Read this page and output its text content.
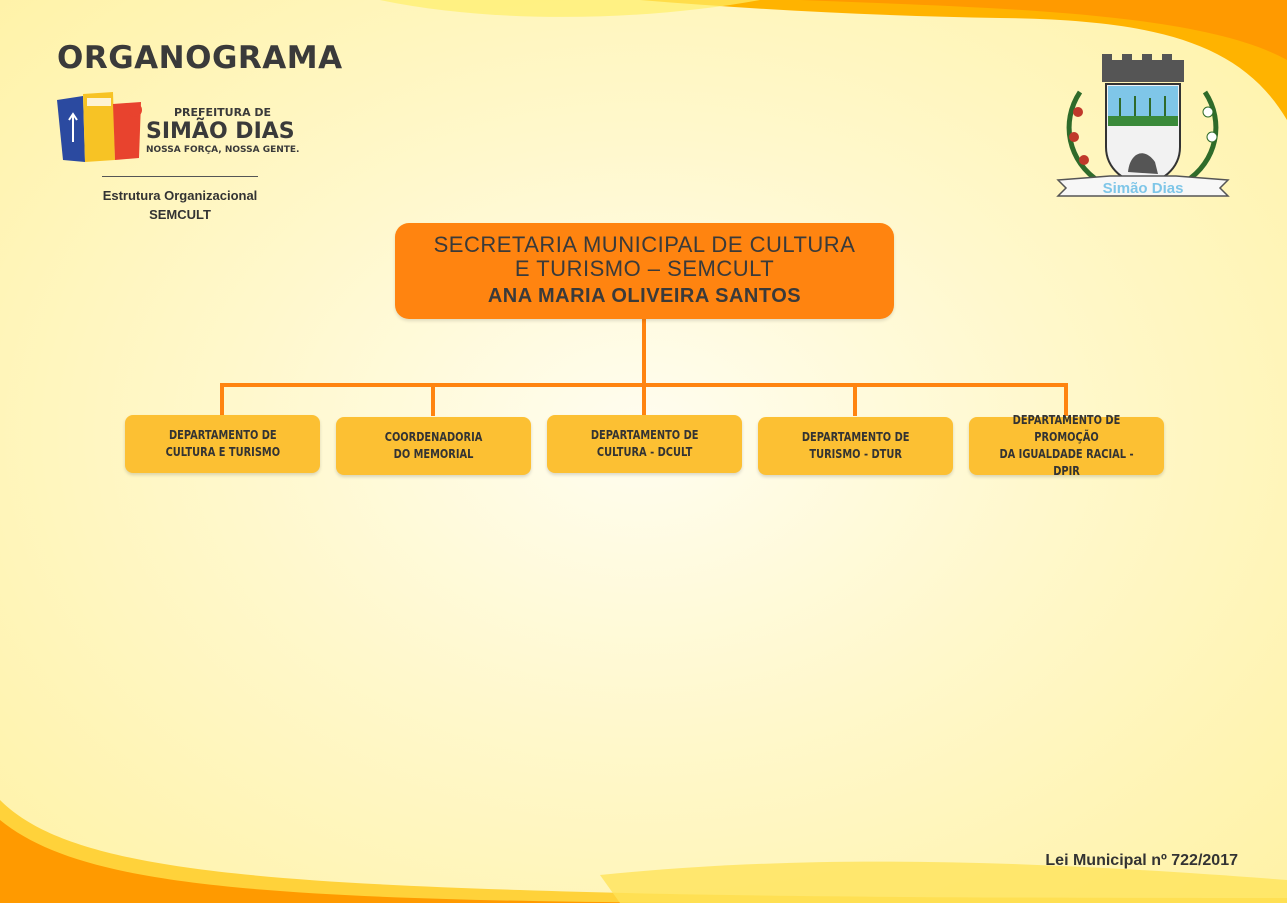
ORGANOGRAMA
PREFEITURA DE
SIMÃO DIAS
NOSSA FORÇA, NOSSA GENTE.
Estrutura Organizacional
SEMCULT
Simão Dias
SECRETARIA MUNICIPAL DE CULTURA
E TURISMO – SEMCULT
ANA MARIA OLIVEIRA SANTOS
DEPARTAMENTO DE
CULTURA E TURISMO
COORDENADORIA
DO MEMORIAL
DEPARTAMENTO DE
CULTURA - DCULT
DEPARTAMENTO DE
TURISMO - DTUR
DEPARTAMENTO DE PROMOÇÃO
DA IGUALDADE RACIAL - DPIR
Lei Municipal nº 722/2017
